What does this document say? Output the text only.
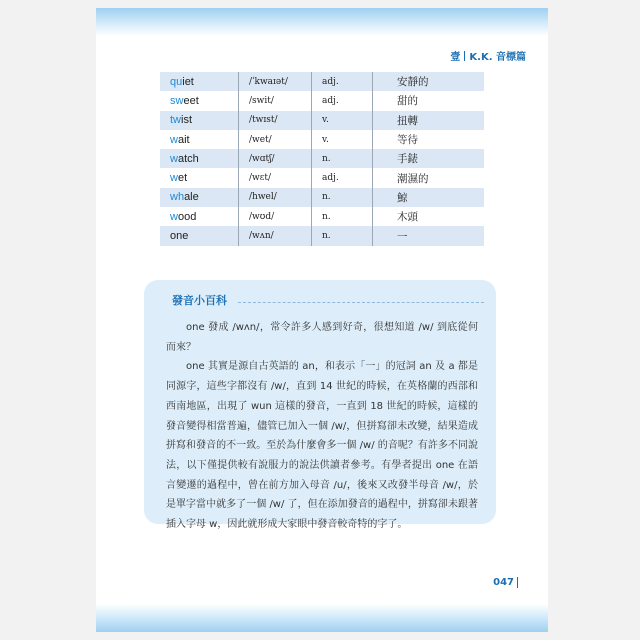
壹 K.K. 音標篇
quiet	/ˈkwaɪət/	adj.	安靜的
sweet	/swit/	adj.	甜的
twist	/twɪst/	v.	扭轉
wait	/wet/	v.	等待
watch	/wɑtʃ/	n.	手錶
wet	/wɛt/	adj.	潮濕的
whale	/hwel/	n.	鯨
wood	/wʊd/	n.	木頭
one	/wʌn/	n.	一
發音小百科

one 發成 /wʌn/，常令許多人感到好奇，很想知道 /w/ 到底從何而來？

one 其實是源自古英語的 an，和表示「一」的冠詞 an 及 a 都是同源字，這些字都沒有 /w/，直到 14 世紀的時候，在英格蘭的西部和西南地區，出現了 wun 這樣的發音，一直到 18 世紀的時候，這樣的發音變得相當普遍，儘管已加入一個 /w/，但拼寫卻未改變，結果造成拼寫和發音的不一致。至於為什麼會多一個 /w/ 的音呢？有許多不同說法，以下僅提供較有說服力的說法供讀者參考。有學者提出 one 在語言變遷的過程中，曾在前方加入母音 /u/，後來又改發半母音 /w/，於是單字當中就多了一個 /w/ 了，但在添加發音的過程中，拼寫卻未跟著插入字母 w，因此就形成大家眼中發音較奇特的字了。

047
